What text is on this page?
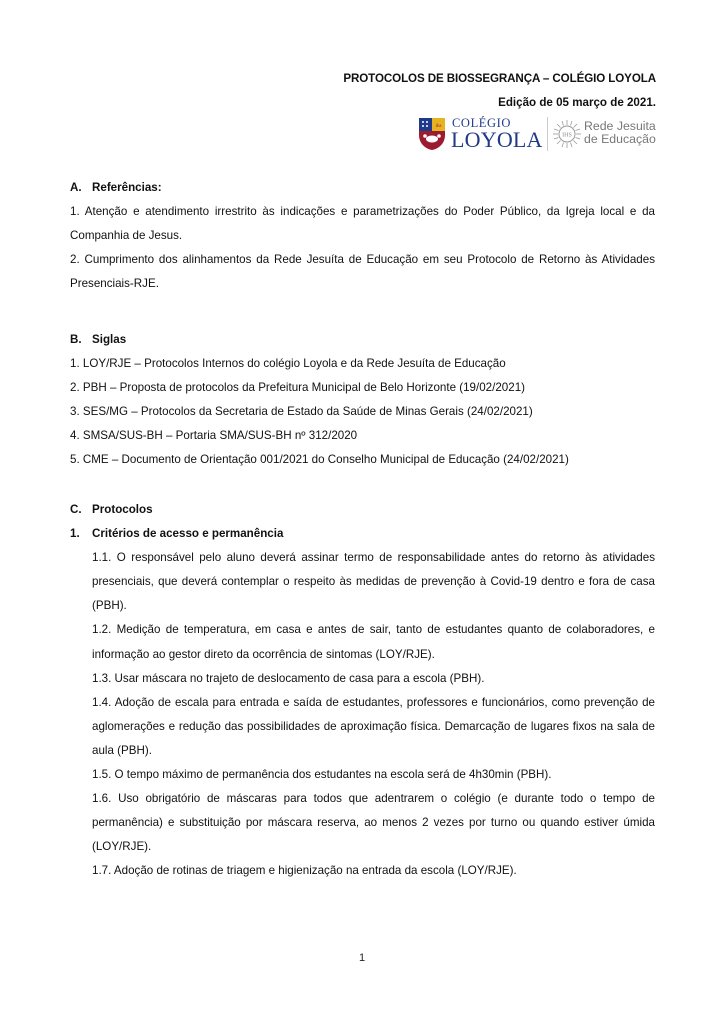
PROTOCOLOS DE BIOSSEGRANÇA – COLÉGIO LOYOLA
Edição de 05 março de 2021.
ihs COLÉGIO
LOYOLA	IHS
Rede Jesuita
de Educação
A. Referências:

1. Atenção e atendimento irrestrito às indicações e parametrizações do Poder Público, da Igreja local e da Companhia de Jesus.

2. Cumprimento dos alinhamentos da Rede Jesuíta de Educação em seu Protocolo de Retorno às Atividades Presenciais-RJE.

B. Siglas

1. LOY/RJE – Protocolos Internos do colégio Loyola e da Rede Jesuíta de Educação

2. PBH – Proposta de protocolos da Prefeitura Municipal de Belo Horizonte (19/02/2021)

3. SES/MG – Protocolos da Secretaria de Estado da Saúde de Minas Gerais (24/02/2021)

4. SMSA/SUS-BH – Portaria SMA/SUS-BH nº 312/2020

5. CME – Documento de Orientação 001/2021 do Conselho Municipal de Educação (24/02/2021)

C. Protocolos
1.	Critérios de acesso e permanência

1.1. O responsável pelo aluno deverá assinar termo de responsabilidade antes do retorno às atividades presenciais, que deverá contemplar o respeito às medidas de prevenção à Covid-19 dentro e fora de casa (PBH).

1.2. Medição de temperatura, em casa e antes de sair, tanto de estudantes quanto de colaboradores, e informação ao gestor direto da ocorrência de sintomas (LOY/RJE).

1.3. Usar máscara no trajeto de deslocamento de casa para a escola (PBH).

1.4. Adoção de escala para entrada e saída de estudantes, professores e funcionários, como prevenção de aglomerações e redução das possibilidades de aproximação física. Demarcação de lugares fixos na sala de aula (PBH).

1.5. O tempo máximo de permanência dos estudantes na escola será de 4h30min (PBH).

1.6. Uso obrigatório de máscaras para todos que adentrarem o colégio (e durante todo o tempo de permanência) e substituição por máscara reserva, ao menos 2 vezes por turno ou quando estiver úmida (LOY/RJE).

1.7. Adoção de rotinas de triagem e higienização na entrada da escola (LOY/RJE).

1
